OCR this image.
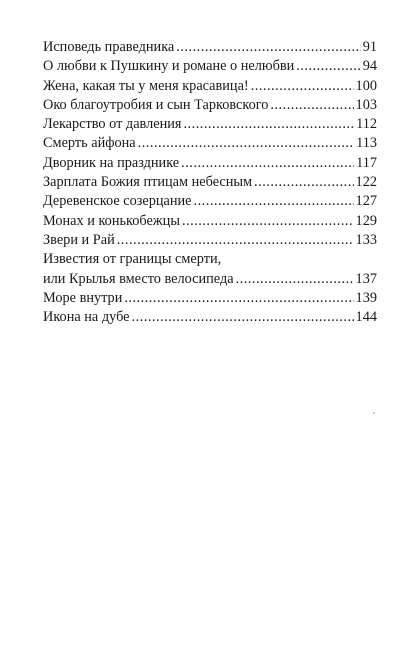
Исповедь праведника .....	91
О любви к Пушкину и романе о нелюбви .....	94
Жена, какая ты у меня красавица! .....	100
Око благоутробия и сын Тарковского .....	103
Лекарство от давления .....	112
Смерть айфона .....	113
Дворник на празднике .....	117
Зарплата Божия птицам небесным .....	122
Деревенское созерцание .....	127
Монах и конькобежцы .....	129
Звери и Рай .....	133
Известия от границы смерти,
или Крылья вместо велосипеда .....	137
Море внутри .....	139
Икона на дубе .....	144
